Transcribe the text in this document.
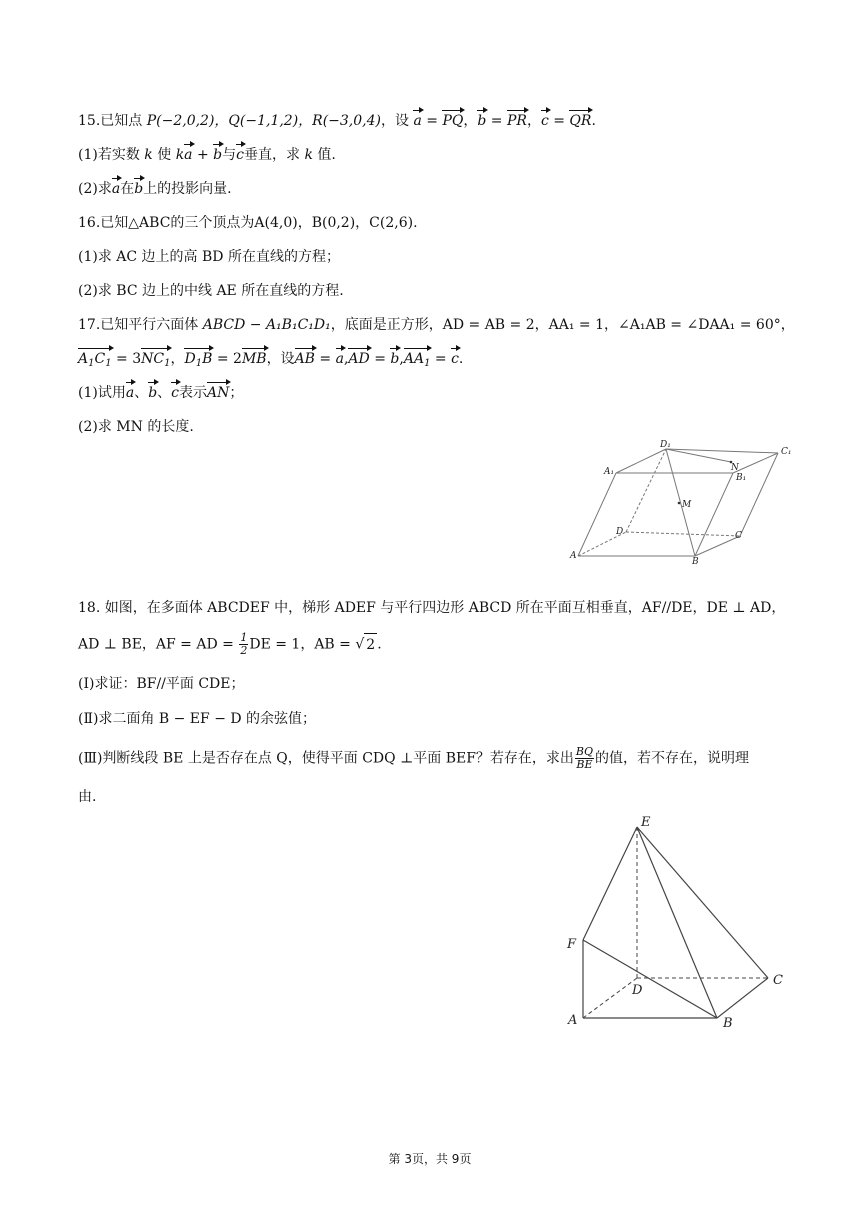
15.已知点 P(−2,0,2)，Q(−1,1,2)，R(−3,0,4)，设 a = PQ，b = PR，c = QR.
(1)若实数 k 使 ka + b与c垂直，求 k 值.
(2)求a在b上的投影向量.
16.已知△ABC的三个顶点为A(4,0)，B(0,2)，C(2,6).
(1)求 AC 边上的高 BD 所在直线的方程；
(2)求 BC 边上的中线 AE 所在直线的方程.
17.已知平行六面体 ABCD − A₁B₁C₁D₁，底面是正方形，AD = AB = 2，AA₁ = 1，∠A₁AB = ∠DAA₁ = 60°，
$A_1C_1 = 3NC_1$，$D_1B = 2MB$，设AB = $a,AD = b,AA_1 = c$.
(1)试用a、b、c表示AN；
(2)求 MN 的长度.
D₁
C₁
A₁
B₁
N
M
D	C
A
B
18. 如图，在多面体 ABCDEF 中，梯形 ADEF 与平行四边形 ABCD 所在平面互相垂直，AF//DE，DE ⊥ AD，
AD ⊥ BE，AF = AD = $\frac{1}{2}$ DE = 1，AB = √ 2 .
(Ⅰ)求证：BF//平面 CDE；
(Ⅱ)求二面角 B − EF − D 的余弦值；
(Ⅲ)判断线段 BE 上是否存在点 Q，使得平面 CDQ ⊥平面 BEF？若存在，求出 $\frac{BQ}{BE}$ 的值，若不存在，说明理
由.
E
F
D
C
A	B
第 3页，共 9页
